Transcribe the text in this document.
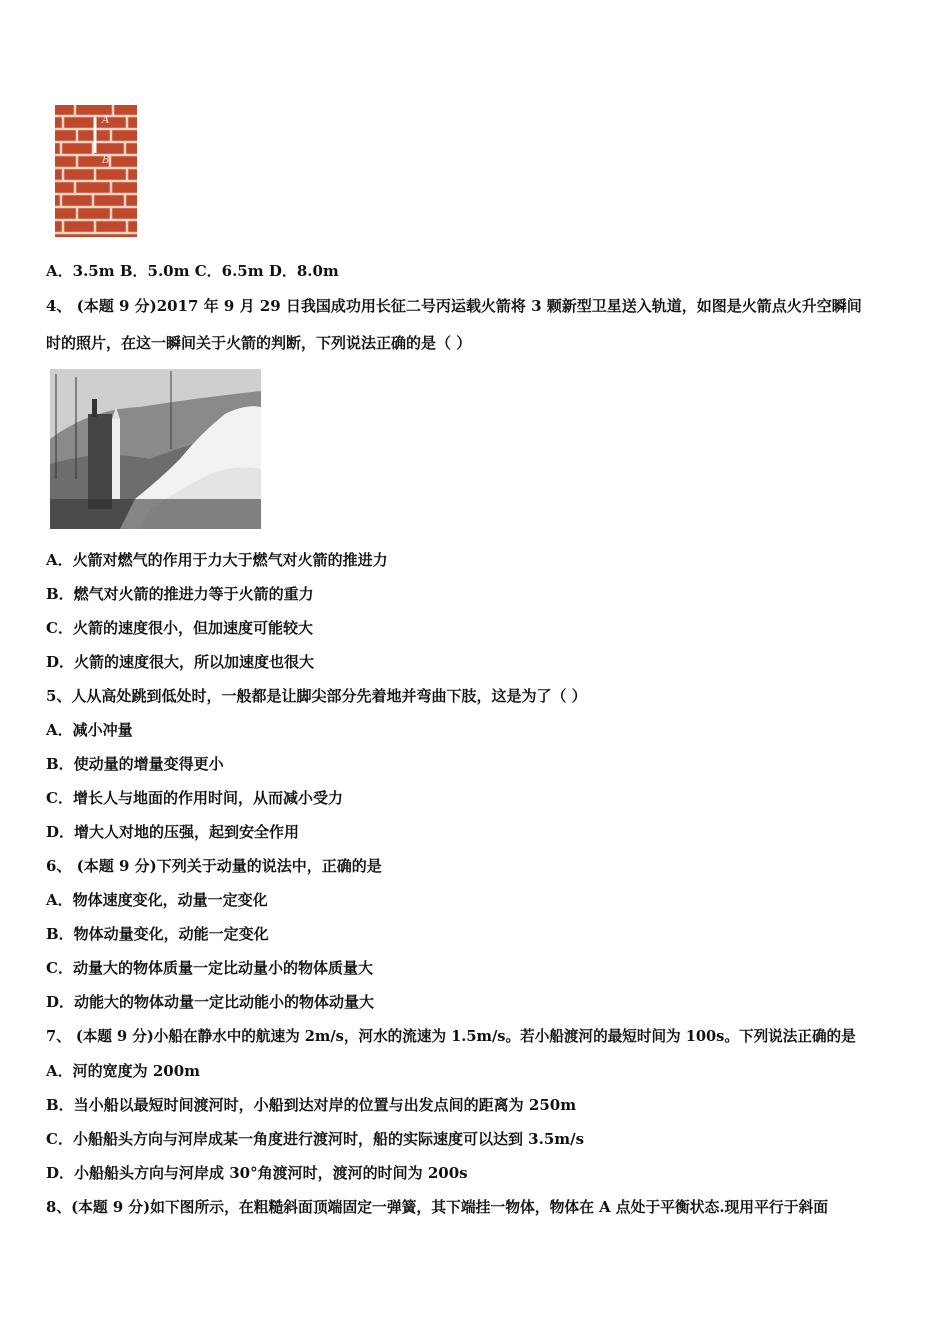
A
B
A．3.5m B．5.0m C．6.5m D．8.0m
4、 (本题 9 分)2017 年 9 月 29 日我国成功用长征二号丙运载火箭将 3 颗新型卫星送入轨道，如图是火箭点火升空瞬间
时的照片，在这一瞬间关于火箭的判断，下列说法正确的是（ ）
A．火箭对燃气的作用于力大于燃气对火箭的推进力
B．燃气对火箭的推进力等于火箭的重力
C．火箭的速度很小，但加速度可能较大
D．火箭的速度很大，所以加速度也很大
5、人从高处跳到低处时，一般都是让脚尖部分先着地并弯曲下肢，这是为了（ ）
A．减小冲量
B．使动量的增量变得更小
C．增长人与地面的作用时间，从而减小受力
D．增大人对地的压强，起到安全作用
6、 (本题 9 分)下列关于动量的说法中，正确的是
A．物体速度变化，动量一定变化
B．物体动量变化，动能一定变化
C．动量大的物体质量一定比动量小的物体质量大
D．动能大的物体动量一定比动能小的物体动量大
7、 (本题 9 分)小船在静水中的航速为 2m/s，河水的流速为 1.5m/s。若小船渡河的最短时间为 100s。下列说法正确的是
A．河的宽度为 200m
B．当小船以最短时间渡河时，小船到达对岸的位置与出发点间的距离为 250m
C．小船船头方向与河岸成某一角度进行渡河时，船的实际速度可以达到 3.5m/s
D．小船船头方向与河岸成 30°角渡河时，渡河的时间为 200s
8、(本题 9 分)如下图所示，在粗糙斜面顶端固定一弹簧，其下端挂一物体，物体在 A 点处于平衡状态.现用平行于斜面
